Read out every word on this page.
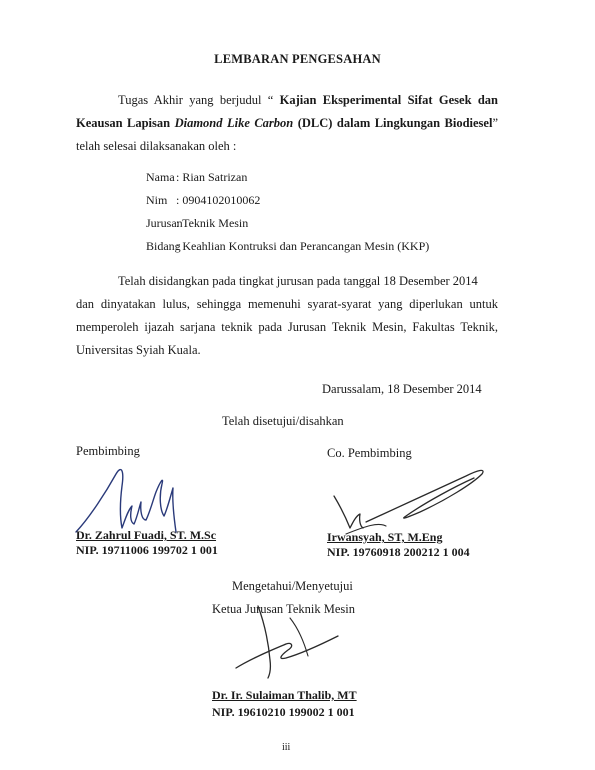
LEMBARAN PENGESAHAN
Tugas Akhir yang berjudul “ Kajian Eksperimental Sifat Gesek dan
Keausan Lapisan Diamond Like Carbon (DLC) dalam Lingkungan Biodiesel”
telah selesai dilaksanakan oleh :
Nama: Rian Satrizan
Nim : 0904102010062
Jurusan: Teknik Mesin
Bidang: Keahlian Kontruksi dan Perancangan Mesin (KKP)
Telah disidangkan pada tingkat jurusan pada tanggal 18 Desember 2014
dan dinyatakan lulus, sehingga memenuhi syarat-syarat yang diperlukan untuk
memperoleh ijazah sarjana teknik pada Jurusan Teknik Mesin, Fakultas Teknik,
Universitas Syiah Kuala.
Darussalam, 18 Desember 2014
Telah disetujui/disahkan
Pembimbing
Dr. Zahrul Fuadi, ST. M.Sc
NIP. 19711006 199702 1 001
Co. Pembimbing
Irwansyah, ST, M.Eng
NIP. 19760918 200212 1 004
Mengetahui/Menyetujui
Ketua Jurusan Teknik Mesin
Dr. Ir. Sulaiman Thalib, MT
NIP. 19610210 199002 1 001
iii
